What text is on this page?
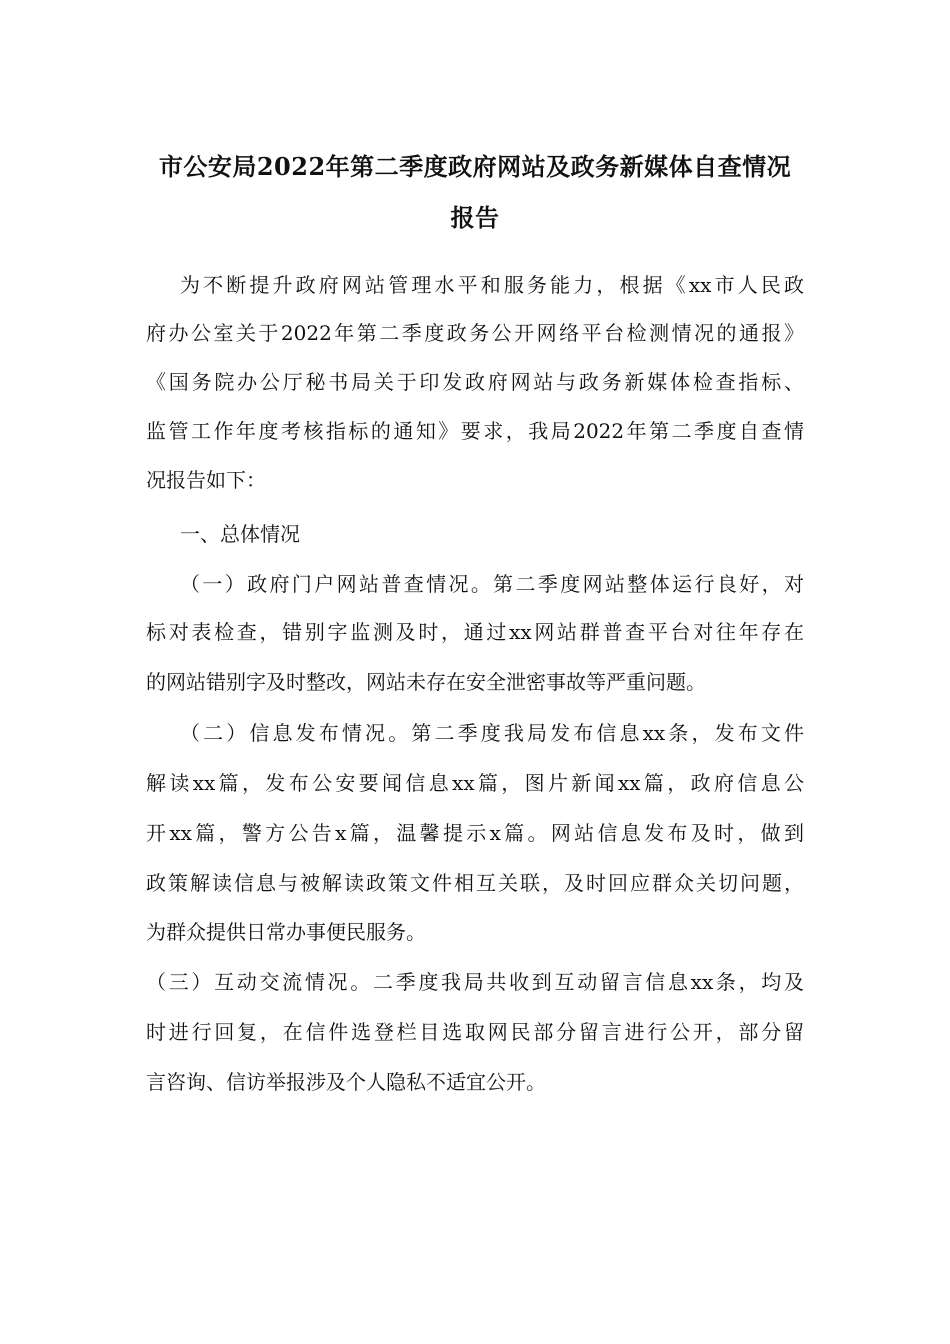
市公安局2022年第二季度政府网站及政务新媒体自查情况
报告
为不断提升政府网站管理水平和服务能力，根据《xx市人民政
府办公室关于2022年第二季度政务公开网络平台检测情况的通报》
《国务院办公厅秘书局关于印发政府网站与政务新媒体检查指标、
监管工作年度考核指标的通知》要求，我局2022年第二季度自查情
况报告如下：
一、总体情况
（一）政府门户网站普查情况。第二季度网站整体运行良好，对
标对表检查，错别字监测及时，通过xx网站群普查平台对往年存在
的网站错别字及时整改，网站未存在安全泄密事故等严重问题。
（二）信息发布情况。第二季度我局发布信息xx条，发布文件
解读xx篇，发布公安要闻信息xx篇，图片新闻xx篇，政府信息公
开xx篇，警方公告x篇，温馨提示x篇。网站信息发布及时，做到
政策解读信息与被解读政策文件相互关联，及时回应群众关切问题，
为群众提供日常办事便民服务。
（三）互动交流情况。二季度我局共收到互动留言信息xx条，均及
时进行回复，在信件选登栏目选取网民部分留言进行公开，部分留
言咨询、信访举报涉及个人隐私不适宜公开。
